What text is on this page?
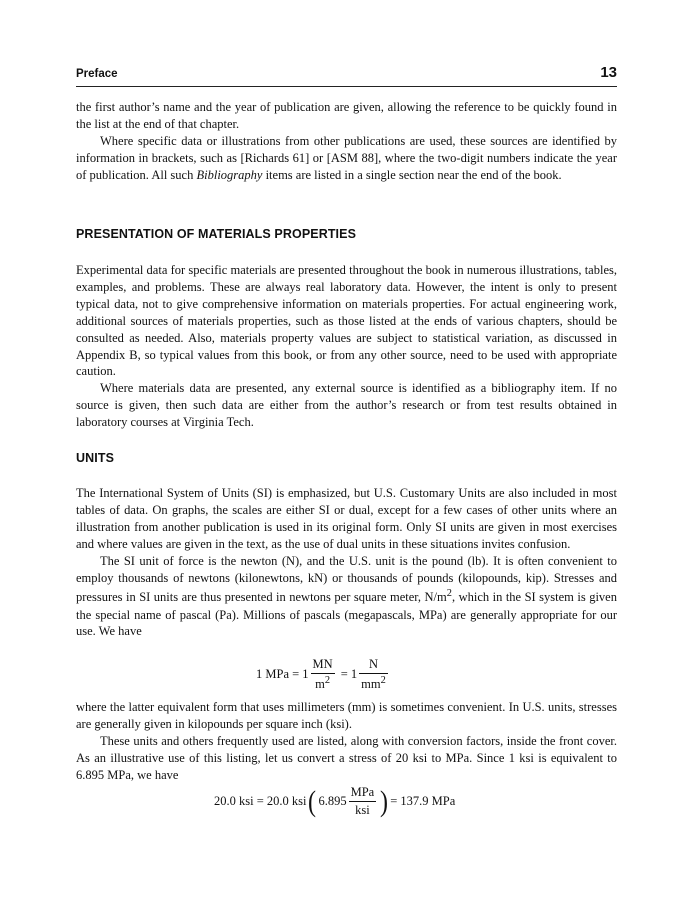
Preface	13

the first author’s name and the year of publication are given, allowing the reference to be quickly found in the list at the end of that chapter.

Where specific data or illustrations from other publications are used, these sources are identified by information in brackets, such as [Richards 61] or [ASM 88], where the two-digit numbers indicate the year of publication. All such Bibliography items are listed in a single section near the end of the book.

PRESENTATION OF MATERIALS PROPERTIES

Experimental data for specific materials are presented throughout the book in numerous illustrations, tables, examples, and problems. These are always real laboratory data. However, the intent is only to present typical data, not to give comprehensive information on materials properties. For actual engineering work, additional sources of materials properties, such as those listed at the ends of various chapters, should be consulted as needed. Also, materials property values are subject to statistical variation, as discussed in Appendix B, so typical values from this book, or from any other source, need to be used with appropriate caution.

Where materials data are presented, any external source is identified as a bibliography item. If no source is given, then such data are either from the author’s research or from test results obtained in laboratory courses at Virginia Tech.

UNITS

The International System of Units (SI) is emphasized, but U.S. Customary Units are also included in most tables of data. On graphs, the scales are either SI or dual, except for a few cases of other units where an illustration from another publication is used in its original form. Only SI units are given in most exercises and where values are given in the text, as the use of dual units in these situations invites confusion.

The SI unit of force is the newton (N), and the U.S. unit is the pound (lb). It is often convenient to employ thousands of newtons (kilonewtons, kN) or thousands of pounds (kilopounds, kip). Stresses and pressures in SI units are thus presented in newtons per square meter, $N/m^2$, which in the SI system is given the special name of pascal (Pa). Millions of pascals (megapascals, MPa) are generally appropriate for our use. We have

1 MPa = $1 \frac{MN}{m^2} = 1 \frac{N}{mm^2}$

where the latter equivalent form that uses millimeters (mm) is sometimes convenient. In U.S. units, stresses are generally given in kilopounds per square inch (ksi).

These units and others frequently used are listed, along with conversion factors, inside the front cover. As an illustrative use of this listing, let us convert a stress of 20 ksi to MPa. Since 1 ksi is equivalent to 6.895 MPa, we have

20.0 ksi = 20.0 ksi ( $6.895 \frac{\text{MPa}}{\text{ksi}}$ ) = 137.9 MPa
